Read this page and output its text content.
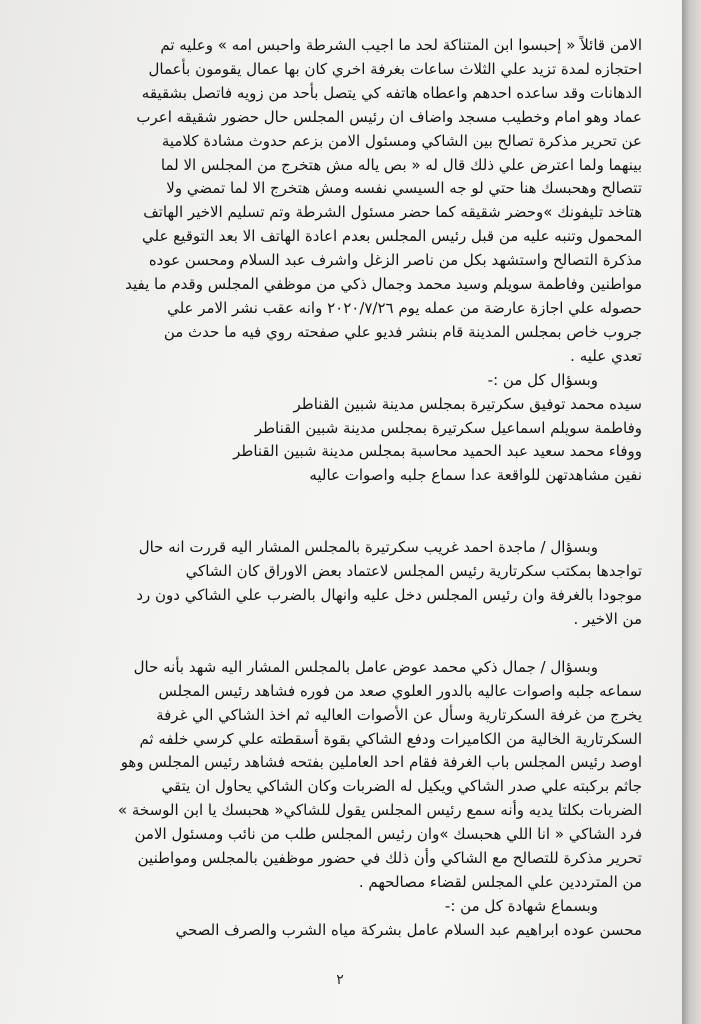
الامن قائلاً « إحبسوا ابن المتناكة لحد ما اجيب الشرطة واحبس امه » وعليه تم
احتجازه لمدة تزيد علي الثلاث ساعات بغرفة اخري كان بها عمال يقومون بأعمال
الدهانات وقد ساعده احدهم واعطاه هاتفه كي يتصل بأحد من زويه فاتصل بشقيقه
عماد وهو امام وخطيب مسجد واضاف ان رئيس المجلس حال حضور شقيقه اعرب
عن تحرير مذكرة تصالح بين الشاكي ومسئول الامن بزعم حدوث مشادة كلامية
بينهما ولما اعترض علي ذلك قال له « بص ياله مش هتخرج من المجلس الا لما
تتصالح وهحبسك هنا حتي لو جه السيسي نفسه ومش هتخرج الا لما تمضي ولا
هتاخد تليفونك »وحضر شقيقه كما حضر مسئول الشرطة وتم تسليم الاخير الهاتف
المحمول وتنبه عليه من قبل رئيس المجلس بعدم اعادة الهاتف الا بعد التوقيع علي
مذكرة التصالح واستشهد بكل من ناصر الزغل واشرف عبد السلام ومحسن عوده
مواطنين وفاطمة سويلم وسيد محمد وجمال ذكي من موظفي المجلس وقدم ما يفيد
حصوله علي اجازة عارضة من عمله يوم ٢٠٢٠/٧/٢٦ وانه عقب نشر الامر علي
جروب خاص بمجلس المدينة قام بنشر فديو علي صفحته روي فيه ما حدث من
تعدي عليه .

وبسؤال كل من :-
سيده محمد توفيق سكرتيرة بمجلس مدينة شبين القناطر
وفاطمة سويلم اسماعيل سكرتيرة بمجلس مدينة شبين القناطر
ووفاء محمد سعيد عبد الحميد محاسبة بمجلس مدينة شبين القناطر
نفين مشاهدتهن للواقعة عدا سماع جلبه واصوات عاليه

وبسؤال / ماجدة احمد غريب سكرتيرة بالمجلس المشار اليه قررت انه حال
تواجدها بمكتب سكرتارية رئيس المجلس لاعتماد بعض الاوراق كان الشاكي
موجودا بالغرفة وان رئيس المجلس دخل عليه وانهال بالضرب علي الشاكي دون رد
من الاخير .

وبسؤال / جمال ذكي محمد عوض عامل بالمجلس المشار اليه شهد بأنه حال
سماعه جلبه واصوات عاليه بالدور العلوي صعد من فوره فشاهد رئيس المجلس
يخرج من غرفة السكرتارية وسأل عن الأصوات العاليه ثم اخذ الشاكي الي غرفة
السكرتارية الخالية من الكاميرات ودفع الشاكي بقوة أسقطته علي كرسي خلفه ثم
اوصد رئيس المجلس باب الغرفة فقام احد العاملين بفتحه فشاهد رئيس المجلس وهو
جاثم بركبته علي صدر الشاكي ويكيل له الضربات وكان الشاكي يحاول ان يتقي
الضربات بكلتا يديه وأنه سمع رئيس المجلس يقول للشاكي« هحبسك يا ابن الوسخة »
فرد الشاكي « انا اللي هحبسك »وان رئيس المجلس طلب من نائب ومسئول الامن
تحرير مذكرة للتصالح مع الشاكي وأن ذلك في حضور موظفين بالمجلس ومواطنين
من المترددين علي المجلس لقضاء مصالحهم .

وبسماع شهادة كل من :-
محسن عوده ابراهيم عبد السلام عامل بشركة مياه الشرب والصرف الصحي

٢
